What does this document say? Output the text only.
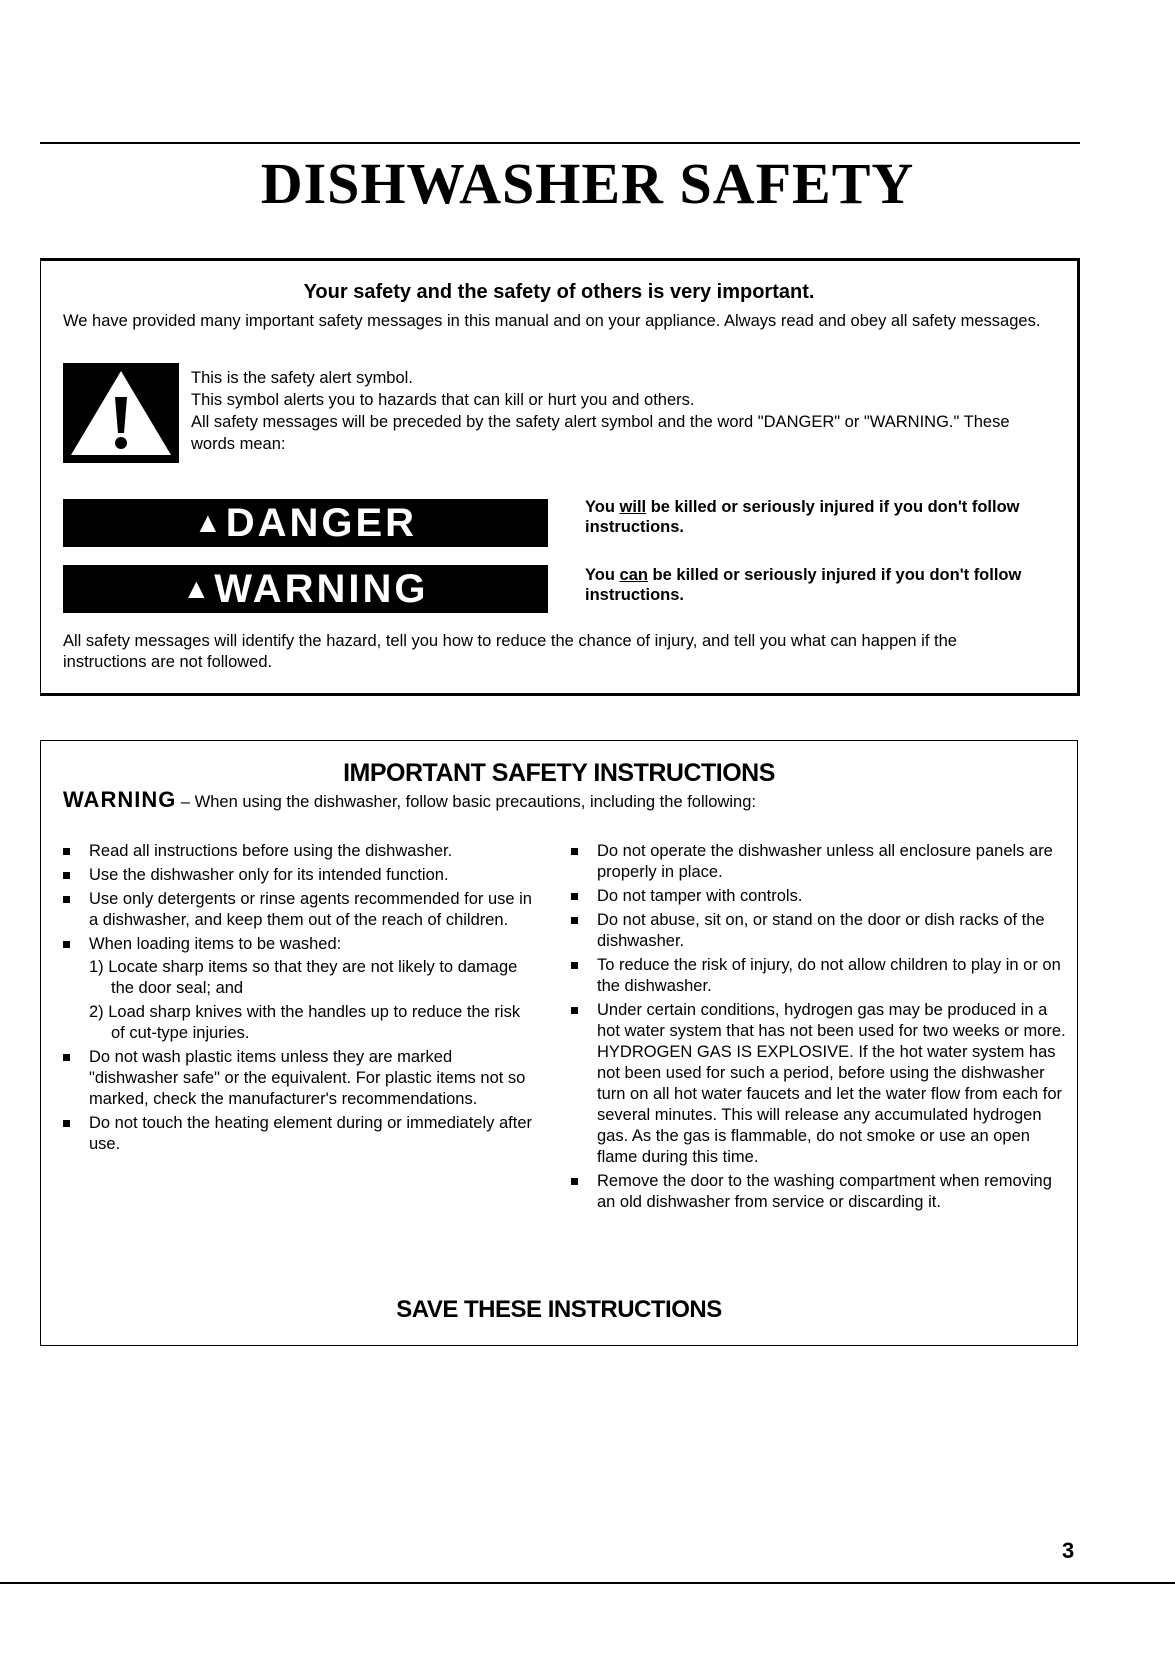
DISHWASHER SAFETY
Your safety and the safety of others is very important.
We have provided many important safety messages in this manual and on your appliance. Always read and obey all safety messages.
This is the safety alert symbol.
This symbol alerts you to hazards that can kill or hurt you and others.
All safety messages will be preceded by the safety alert symbol and the word "DANGER" or "WARNING." These words mean:
▲ DANGER	You will be killed or seriously injured if you don't follow instructions.
▲ WARNING	You can be killed or seriously injured if you don't follow instructions.
All safety messages will identify the hazard, tell you how to reduce the chance of injury, and tell you what can happen if the instructions are not followed.
IMPORTANT SAFETY INSTRUCTIONS
WARNING – When using the dishwasher, follow basic precautions, including the following:
Read all instructions before using the dishwasher.
Use the dishwasher only for its intended function.
Use only detergents or rinse agents recommended for use in a dishwasher, and keep them out of the reach of children.
When loading items to be washed:
1) Locate sharp items so that they are not likely to damage the door seal; and
2) Load sharp knives with the handles up to reduce the risk of cut-type injuries.
Do not wash plastic items unless they are marked "dishwasher safe" or the equivalent. For plastic items not so marked, check the manufacturer's recommendations.
Do not touch the heating element during or immediately after use.
Do not operate the dishwasher unless all enclosure panels are properly in place.
Do not tamper with controls.
Do not abuse, sit on, or stand on the door or dish racks of the dishwasher.
To reduce the risk of injury, do not allow children to play in or on the dishwasher.
Under certain conditions, hydrogen gas may be produced in a hot water system that has not been used for two weeks or more. HYDROGEN GAS IS EXPLOSIVE. If the hot water system has not been used for such a period, before using the dishwasher turn on all hot water faucets and let the water flow from each for several minutes. This will release any accumulated hydrogen gas. As the gas is flammable, do not smoke or use an open flame during this time.
Remove the door to the washing compartment when removing an old dishwasher from service or discarding it.
SAVE THESE INSTRUCTIONS
3
